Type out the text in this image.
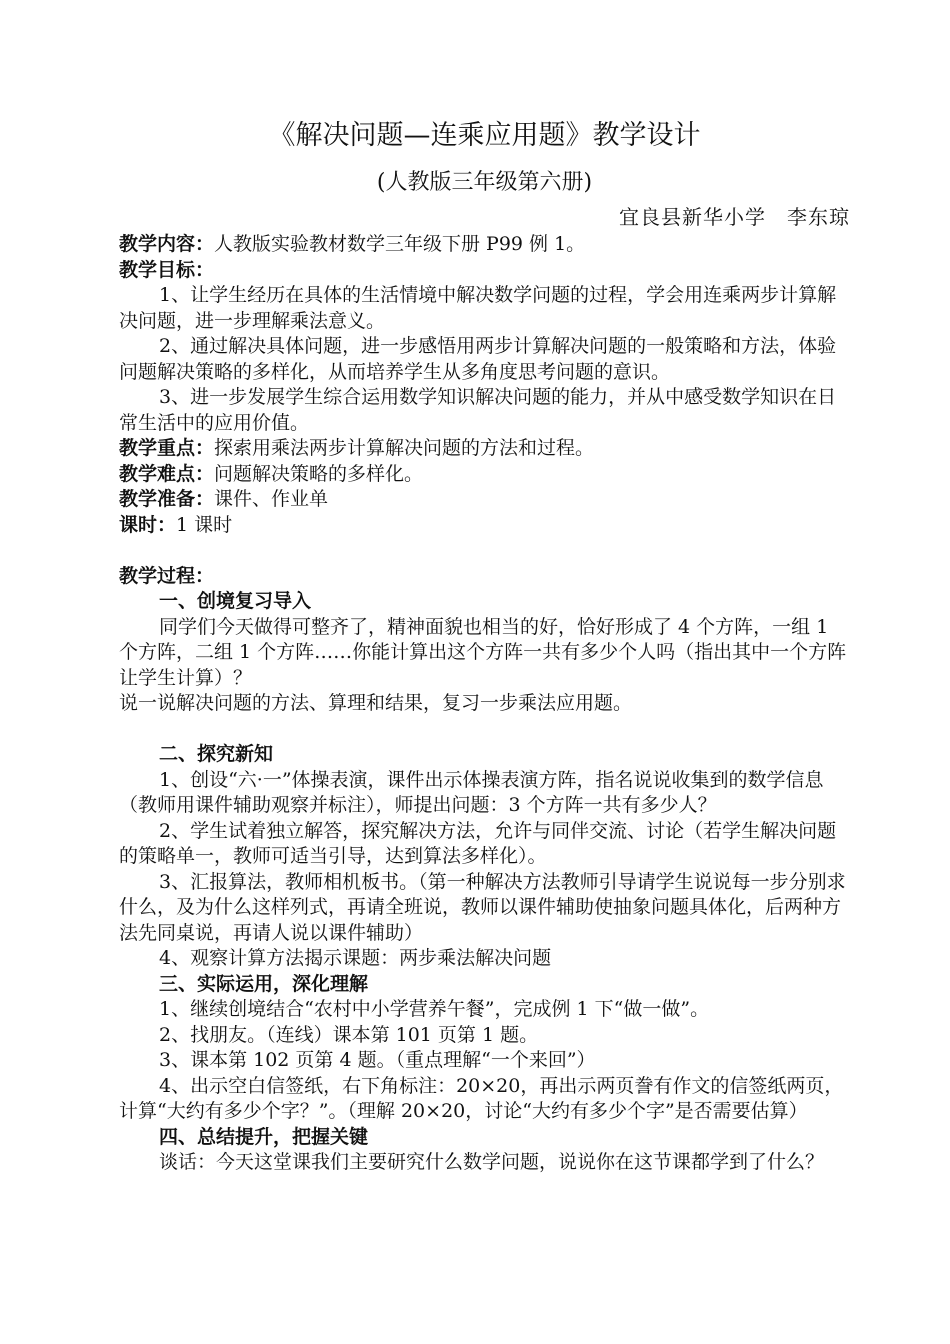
《解决问题—连乘应用题》教学设计

(人教版三年级第六册)

宜良县新华小学　李东琼

教学内容：人教版实验教材数学三年级下册 P99 例 1。

教学目标：

1、让学生经历在具体的生活情境中解决数学问题的过程，学会用连乘两步计算解决问题，进一步理解乘法意义。

2、通过解决具体问题，进一步感悟用两步计算解决问题的一般策略和方法，体验问题解决策略的多样化，从而培养学生从多角度思考问题的意识。

3、进一步发展学生综合运用数学知识解决问题的能力，并从中感受数学知识在日常生活中的应用价值。

教学重点：探索用乘法两步计算解决问题的方法和过程。

教学难点：问题解决策略的多样化。

教学准备：课件、作业单

课时：1 课时

教学过程：

一、创境复习导入

同学们今天做得可整齐了，精神面貌也相当的好，恰好形成了 4 个方阵，一组 1 个方阵，二组 1 个方阵……你能计算出这个方阵一共有多少个人吗（指出其中一个方阵让学生计算）？

说一说解决问题的方法、算理和结果，复习一步乘法应用题。

二、探究新知

1、创设“六·一”体操表演，课件出示体操表演方阵，指名说说收集到的数学信息（教师用课件辅助观察并标注），师提出问题：3 个方阵一共有多少人？

2、学生试着独立解答，探究解决方法，允许与同伴交流、讨论（若学生解决问题的策略单一，教师可适当引导，达到算法多样化）。

3、汇报算法，教师相机板书。（第一种解决方法教师引导请学生说说每一步分别求什么，及为什么这样列式，再请全班说，教师以课件辅助使抽象问题具体化，后两种方法先同桌说，再请人说以课件辅助）

4、观察计算方法揭示课题：两步乘法解决问题

三、实际运用，深化理解

1、继续创境结合“农村中小学营养午餐”，完成例 1 下“做一做”。

2、找朋友。（连线）课本第 101 页第 1 题。

3、课本第 102 页第 4 题。（重点理解“一个来回”）

4、出示空白信签纸，右下角标注：20×20，再出示两页誊有作文的信签纸两页，计算“大约有多少个字？”。（理解 20×20，讨论“大约有多少个字”是否需要估算）

四、总结提升，把握关键

谈话：今天这堂课我们主要研究什么数学问题，说说你在这节课都学到了什么？
